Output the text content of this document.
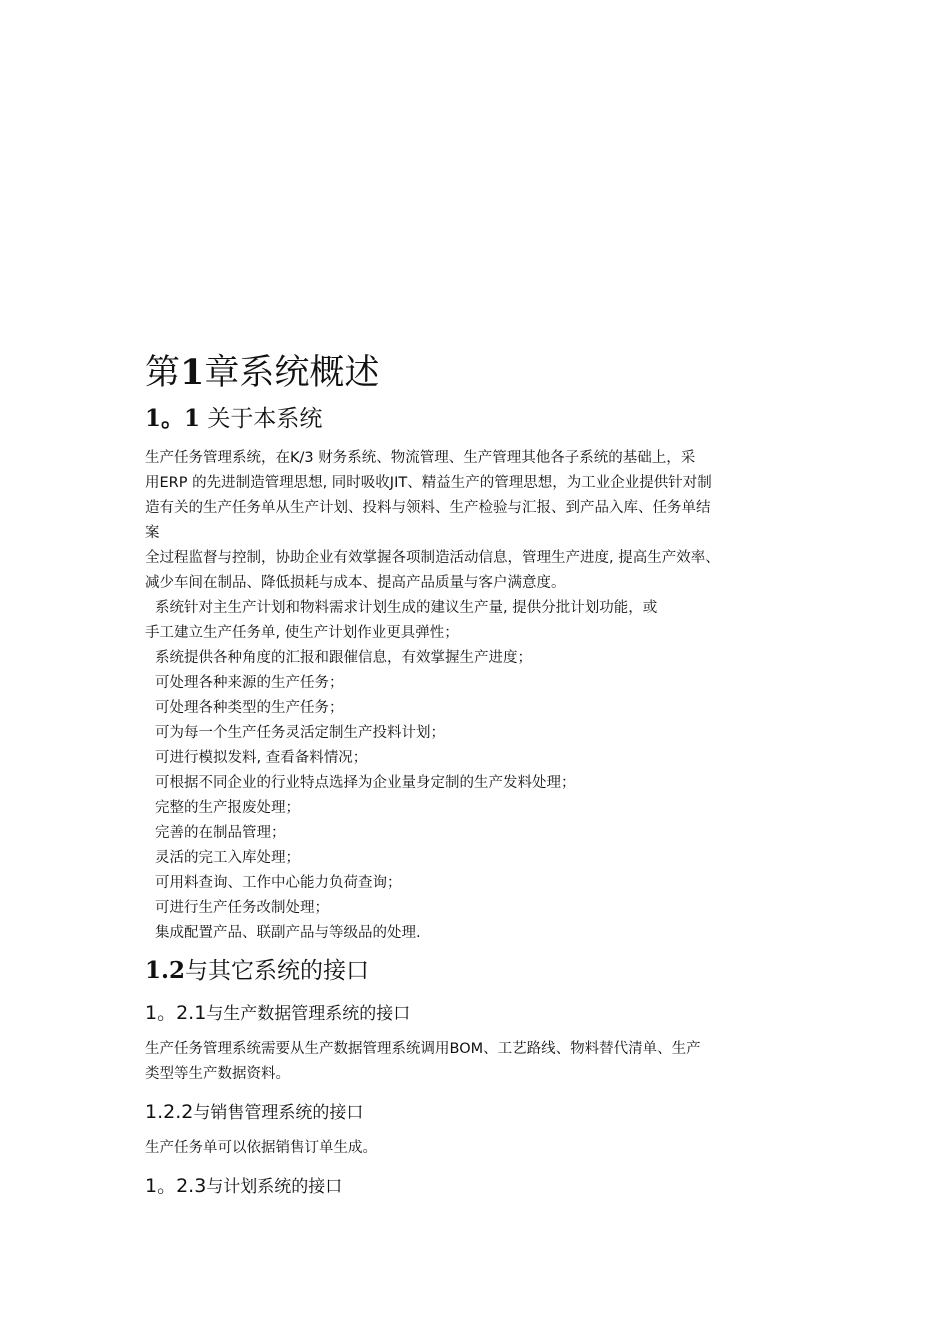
第1章系统概述
1。1 关于本系统

生产任务管理系统，在K/3 财务系统、物流管理、生产管理其他各子系统的基础上，采

用ERP 的先进制造管理思想, 同时吸收JIT、精益生产的管理思想，为工业企业提供针对制

造有关的生产任务单从生产计划、投料与领料、生产检验与汇报、到产品入库、任务单结

案

全过程监督与控制，协助企业有效掌握各项制造活动信息，管理生产进度, 提高生产效率、

减少车间在制品、降低损耗与成本、提高产品质量与客户满意度。

系统针对主生产计划和物料需求计划生成的建议生产量, 提供分批计划功能，或

手工建立生产任务单, 使生产计划作业更具弹性；

系统提供各种角度的汇报和跟催信息，有效掌握生产进度；

可处理各种来源的生产任务；

可处理各种类型的生产任务；

可为每一个生产任务灵活定制生产投料计划；

可进行模拟发料, 查看备料情况；

可根据不同企业的行业特点选择为企业量身定制的生产发料处理；

完整的生产报废处理；

完善的在制品管理；

灵活的完工入库处理；

可用料查询、工作中心能力负荷查询；

可进行生产任务改制处理；

集成配置产品、联副产品与等级品的处理.

1.2与其它系统的接口
1。2.1与生产数据管理系统的接口

生产任务管理系统需要从生产数据管理系统调用BOM、工艺路线、物料替代清单、生产

类型等生产数据资料。

1.2.2与销售管理系统的接口

生产任务单可以依据销售订单生成。

1。2.3与计划系统的接口
